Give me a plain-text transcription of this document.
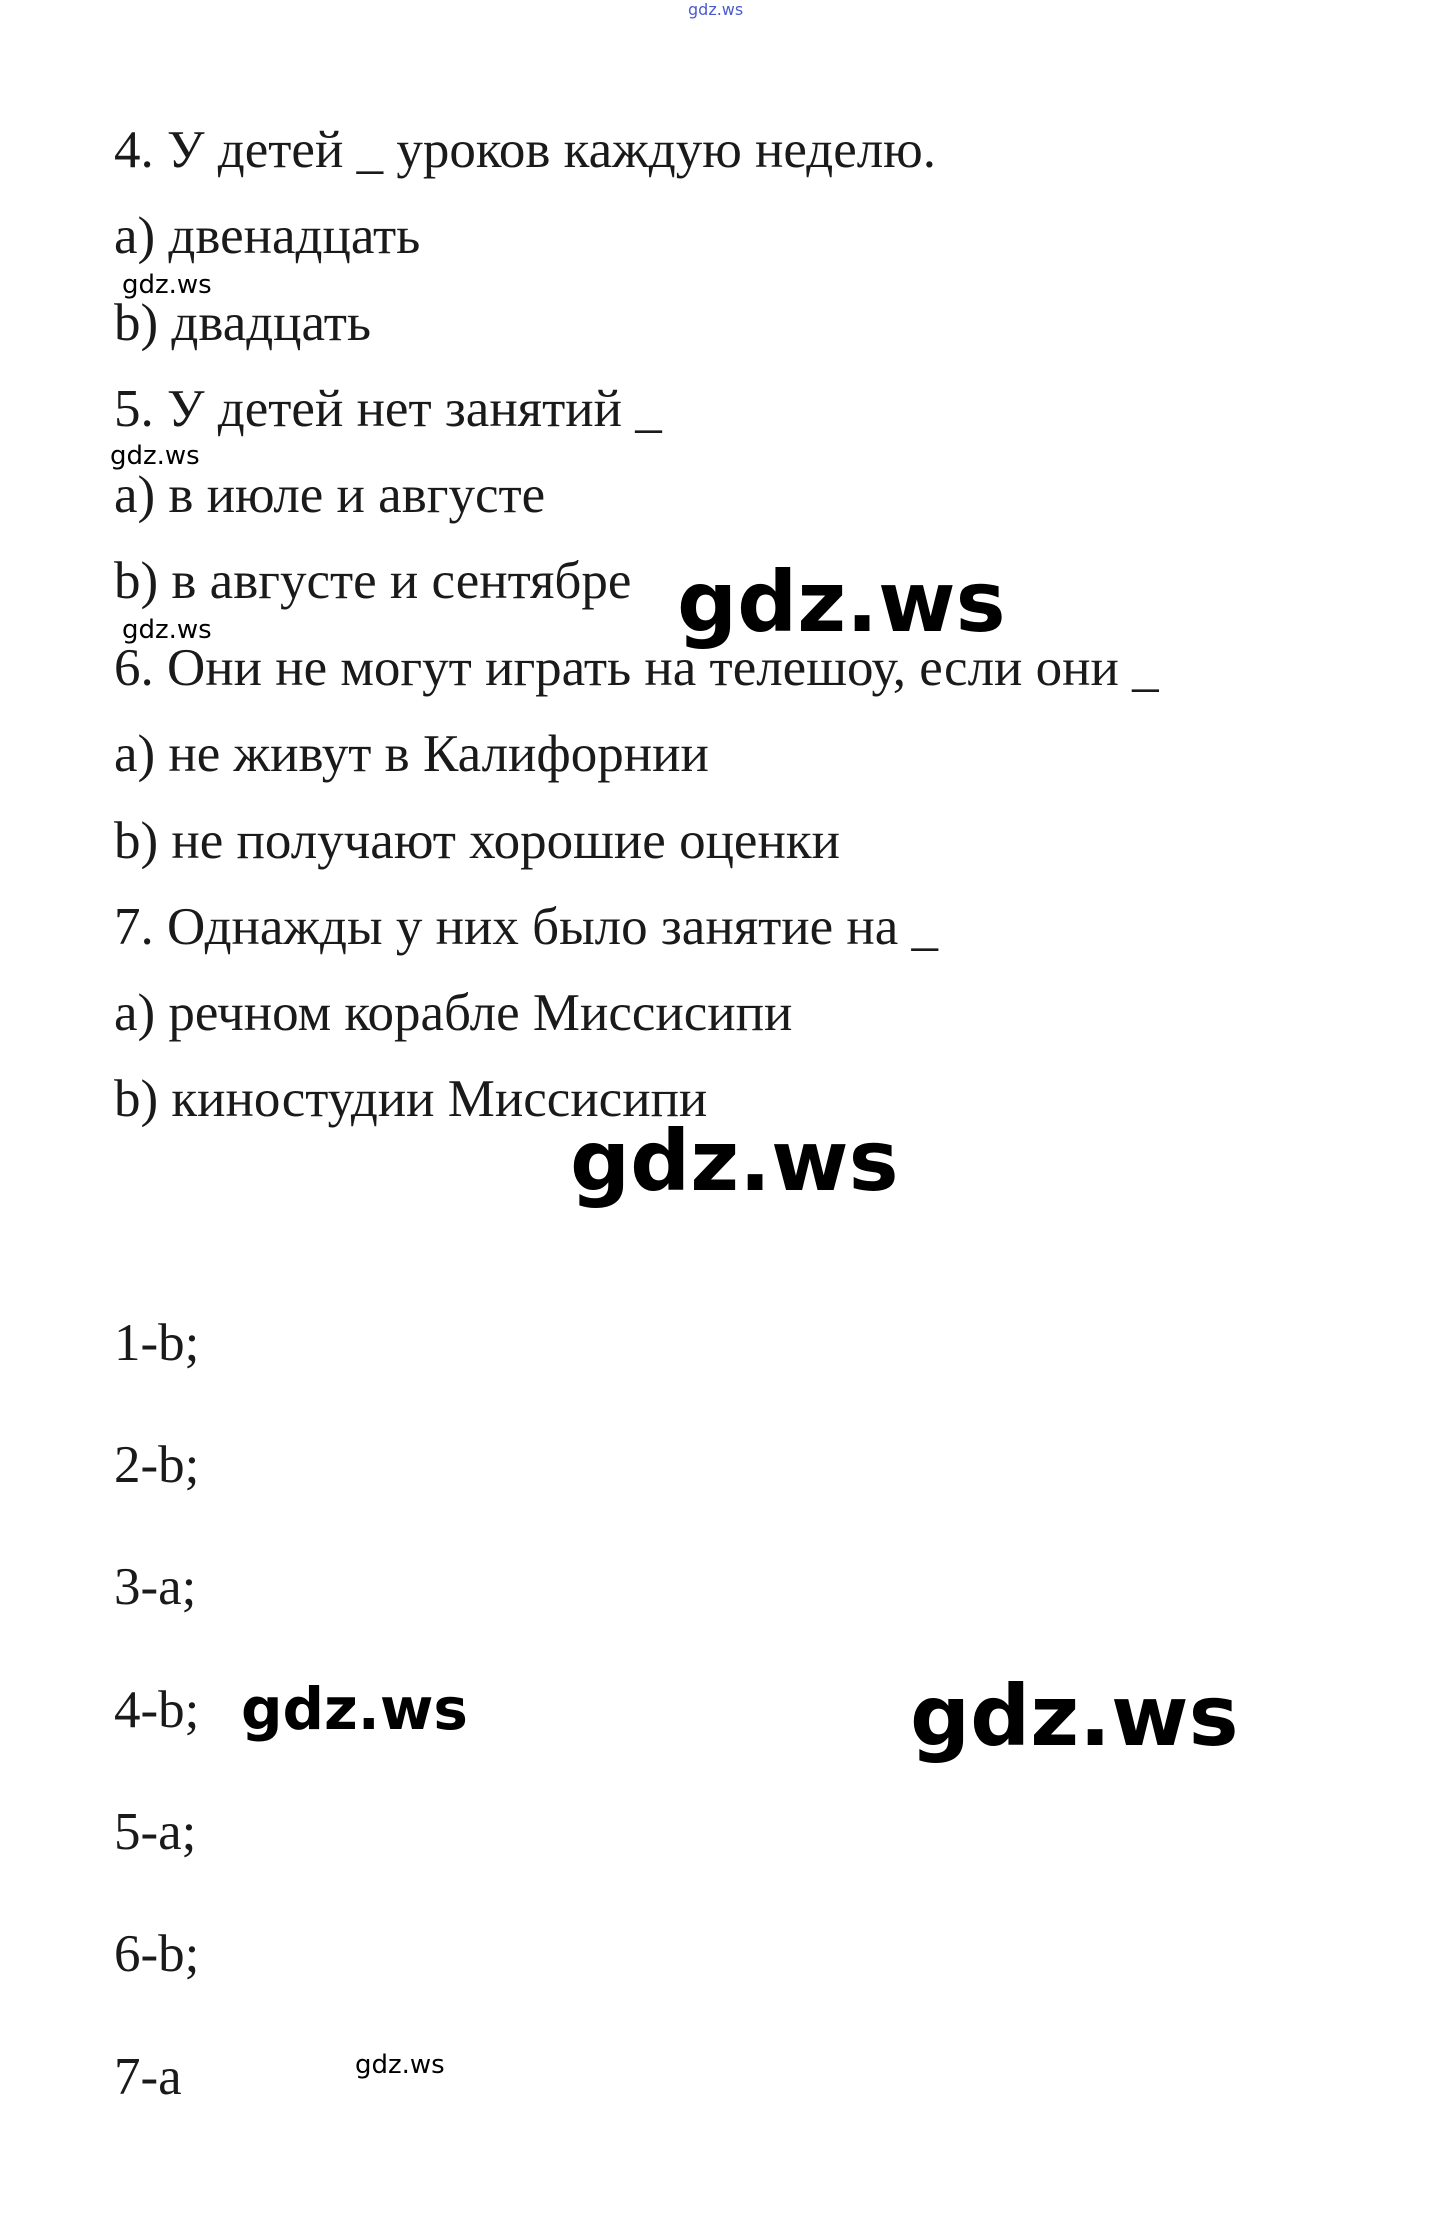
gdz.ws

4. У детей _ уроков каждую неделю.

a) двенадцать

gdz.ws

b) двадцать

5. У детей нет занятий _

gdz.ws

a) в июле и августе

b) в августе и сентябре gdz.ws
gdz.ws

6. Они не могут играть на телешоу, если они _

a) не живут в Калифорнии

b) не получают хорошие оценки

7. Однажды у них было занятие на _

a) речном корабле Миссисипи

b) киностудии Миссисипи

gdz.ws

1-b;

2-b;

3-a;

4-b; gdz.ws	gdz.ws

5-a;

6-b;

7-a	gdz.ws
